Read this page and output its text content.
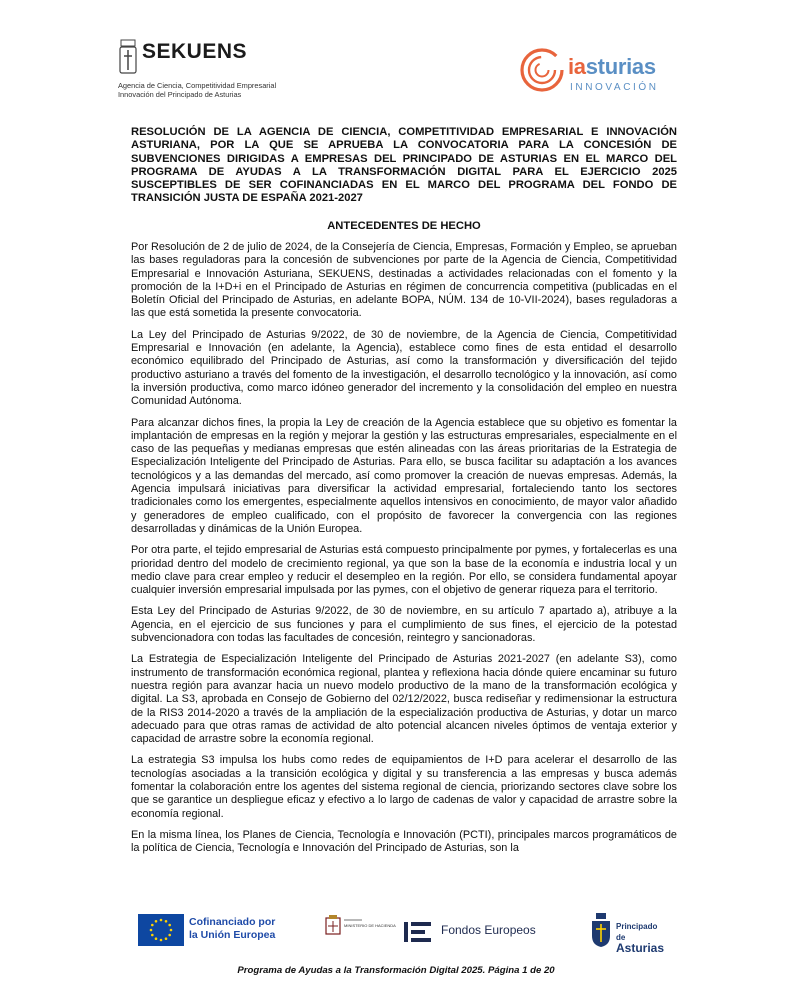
SEKUENS
Agencia de Ciencia, Competitividad Empresarial
Innovación del Principado de Asturias
iasturias
INNOVACIÓN
RESOLUCIÓN DE LA AGENCIA DE CIENCIA, COMPETITIVIDAD EMPRESARIAL E INNOVACIÓN ASTURIANA, POR LA QUE SE APRUEBA LA CONVOCATORIA PARA LA CONCESIÓN DE SUBVENCIONES DIRIGIDAS A EMPRESAS DEL PRINCIPADO DE ASTURIAS EN EL MARCO DEL PROGRAMA DE AYUDAS A LA TRANSFORMACIÓN DIGITAL PARA EL EJERCICIO 2025 SUSCEPTIBLES DE SER COFINANCIADAS EN EL MARCO DEL PROGRAMA DEL FONDO DE TRANSICIÓN JUSTA DE ESPAÑA 2021-2027
ANTECEDENTES DE HECHO

Por Resolución de 2 de julio de 2024, de la Consejería de Ciencia, Empresas, Formación y Empleo, se aprueban las bases reguladoras para la concesión de subvenciones por parte de la Agencia de Ciencia, Competitividad Empresarial e Innovación Asturiana, SEKUENS, destinadas a actividades relacionadas con el fomento y la promoción de la I+D+i en el Principado de Asturias en régimen de concurrencia competitiva (publicadas en el Boletín Oficial del Principado de Asturias, en adelante BOPA, NÚM. 134 de 10-VII-2024), bases reguladoras a las que está sometida la presente convocatoria.

La Ley del Principado de Asturias 9/2022, de 30 de noviembre, de la Agencia de Ciencia, Competitividad Empresarial e Innovación (en adelante, la Agencia), establece como fines de esta entidad el desarrollo económico equilibrado del Principado de Asturias, así como la transformación y diversificación del tejido productivo asturiano a través del fomento de la investigación, el desarrollo tecnológico y la innovación, así como la inversión productiva, como marco idóneo generador del incremento y la consolidación del empleo en nuestra Comunidad Autónoma.

Para alcanzar dichos fines, la propia la Ley de creación de la Agencia establece que su objetivo es fomentar la implantación de empresas en la región y mejorar la gestión y las estructuras empresariales, especialmente en el caso de las pequeñas y medianas empresas que estén alineadas con las áreas prioritarias de la Estrategia de Especialización Inteligente del Principado de Asturias. Para ello, se busca facilitar su adaptación a los avances tecnológicos y a las demandas del mercado, así como promover la creación de nuevas empresas. Además, la Agencia impulsará iniciativas para diversificar la actividad empresarial, fortaleciendo tanto los sectores tradicionales como los emergentes, especialmente aquellos intensivos en conocimiento, de mayor valor añadido y generadores de empleo cualificado, con el propósito de favorecer la convergencia con las regiones desarrolladas y dinámicas de la Unión Europea.

Por otra parte, el tejido empresarial de Asturias está compuesto principalmente por pymes, y fortalecerlas es una prioridad dentro del modelo de crecimiento regional, ya que son la base de la economía e industria local y un medio clave para crear empleo y reducir el desempleo en la región. Por ello, se considera fundamental apoyar cualquier inversión empresarial impulsada por las pymes, con el objetivo de generar riqueza para el territorio.

Esta Ley del Principado de Asturias 9/2022, de 30 de noviembre, en su artículo 7 apartado a), atribuye a la Agencia, en el ejercicio de sus funciones y para el cumplimiento de sus fines, el ejercicio de la potestad subvencionadora con todas las facultades de concesión, reintegro y sancionadoras.

La Estrategia de Especialización Inteligente del Principado de Asturias 2021-2027 (en adelante S3), como instrumento de transformación económica regional, plantea y reflexiona hacia dónde quiere encaminar su futuro nuestra región para avanzar hacia un nuevo modelo productivo de la mano de la transformación ecológica y digital. La S3, aprobada en Consejo de Gobierno del 02/12/2022, busca rediseñar y redimensionar la estructura de la RIS3 2014-2020 a través de la ampliación de la especialización productiva de Asturias, y dotar un marco adecuado para que otras ramas de actividad de alto potencial alcancen niveles óptimos de ventaja exterior y capacidad de arrastre sobre la economía regional.

La estrategia S3 impulsa los hubs como redes de equipamientos de I+D para acelerar el desarrollo de las tecnologías asociadas a la transición ecológica y digital y su transferencia a las empresas y busca además fomentar la colaboración entre los agentes del sistema regional de ciencia, priorizando sectores clave sobre los que se garantice un despliegue eficaz y efectivo a lo largo de cadenas de valor y capacidad de arrastre sobre la economía regional.

En la misma línea, los Planes de Ciencia, Tecnología e Innovación (PCTI), principales marcos programáticos de la política de Ciencia, Tecnología e Innovación del Principado de Asturias, son la

Cofinanciado por
la Unión Europea
MINISTERIO DE HACIENDA	Fondos Europeos	Principado de
Asturias
Programa de Ayudas a la Transformación Digital 2025. Página 1 de 20
